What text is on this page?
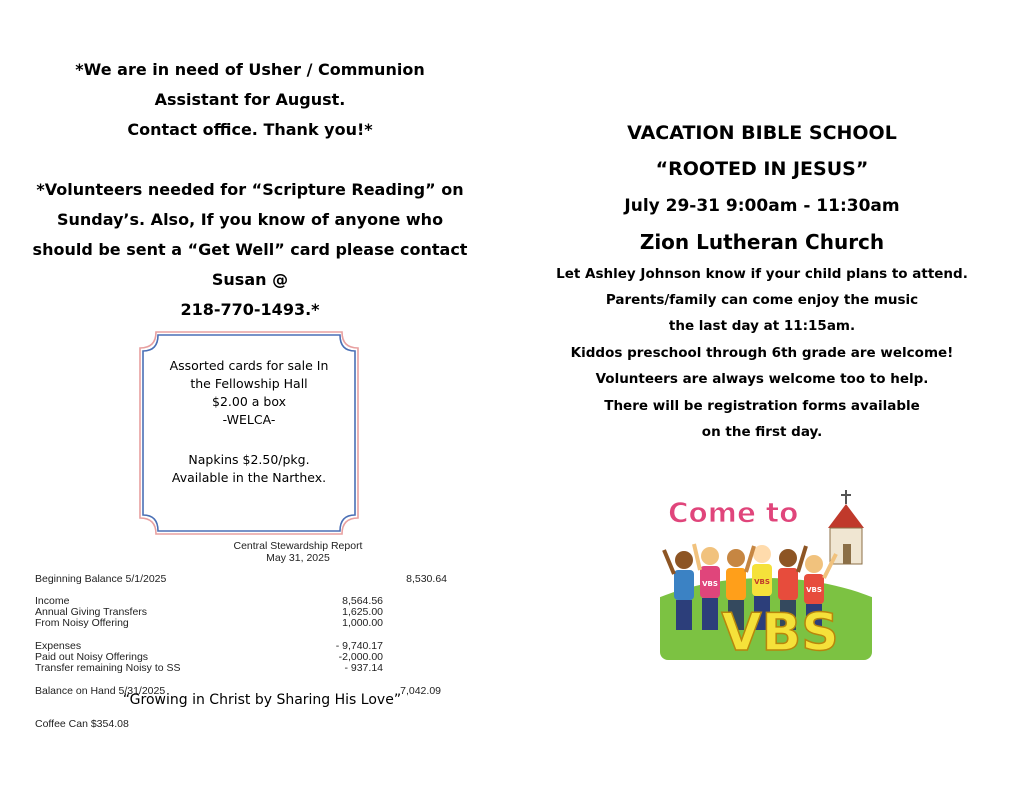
*We are in need of Usher / Communion
Assistant for August.
Contact office. Thank you!*
*Volunteers needed for “Scripture Reading” on
Sunday’s. Also, If you know of anyone who
should be sent a “Get Well” card please contact
Susan @
218-770-1493.*
Assorted cards for sale In
the Fellowship Hall
$2.00 a box
-WELCA-
Napkins $2.50/pkg.
Available in the Narthex.
Central Stewardship Report
May 31, 2025
Beginning Balance 5/1/2025	8,530.64
Income	8,564.56
Annual Giving Transfers	1,625.00
From Noisy Offering	1,000.00
Expenses	- 9,740.17
Paid out Noisy Offerings	-2,000.00
Transfer remaining Noisy to SS	- 937.14
Balance on Hand 5/31/2025	7,042.09
Coffee Can $354.08
VACATION BIBLE SCHOOL
“ROOTED IN JESUS”
July 29-31 9:00am - 11:30am
Zion Lutheran Church
Let Ashley Johnson know if your child plans to attend.
Parents/family can come enjoy the music
the last day at 11:15am.
Kiddos preschool through 6th grade are welcome!
Volunteers are always welcome too to help.
There will be registration forms available
on the first day.
VBS	VBS
VBS
Come to
VBS
“Growing in Christ by Sharing His Love”
